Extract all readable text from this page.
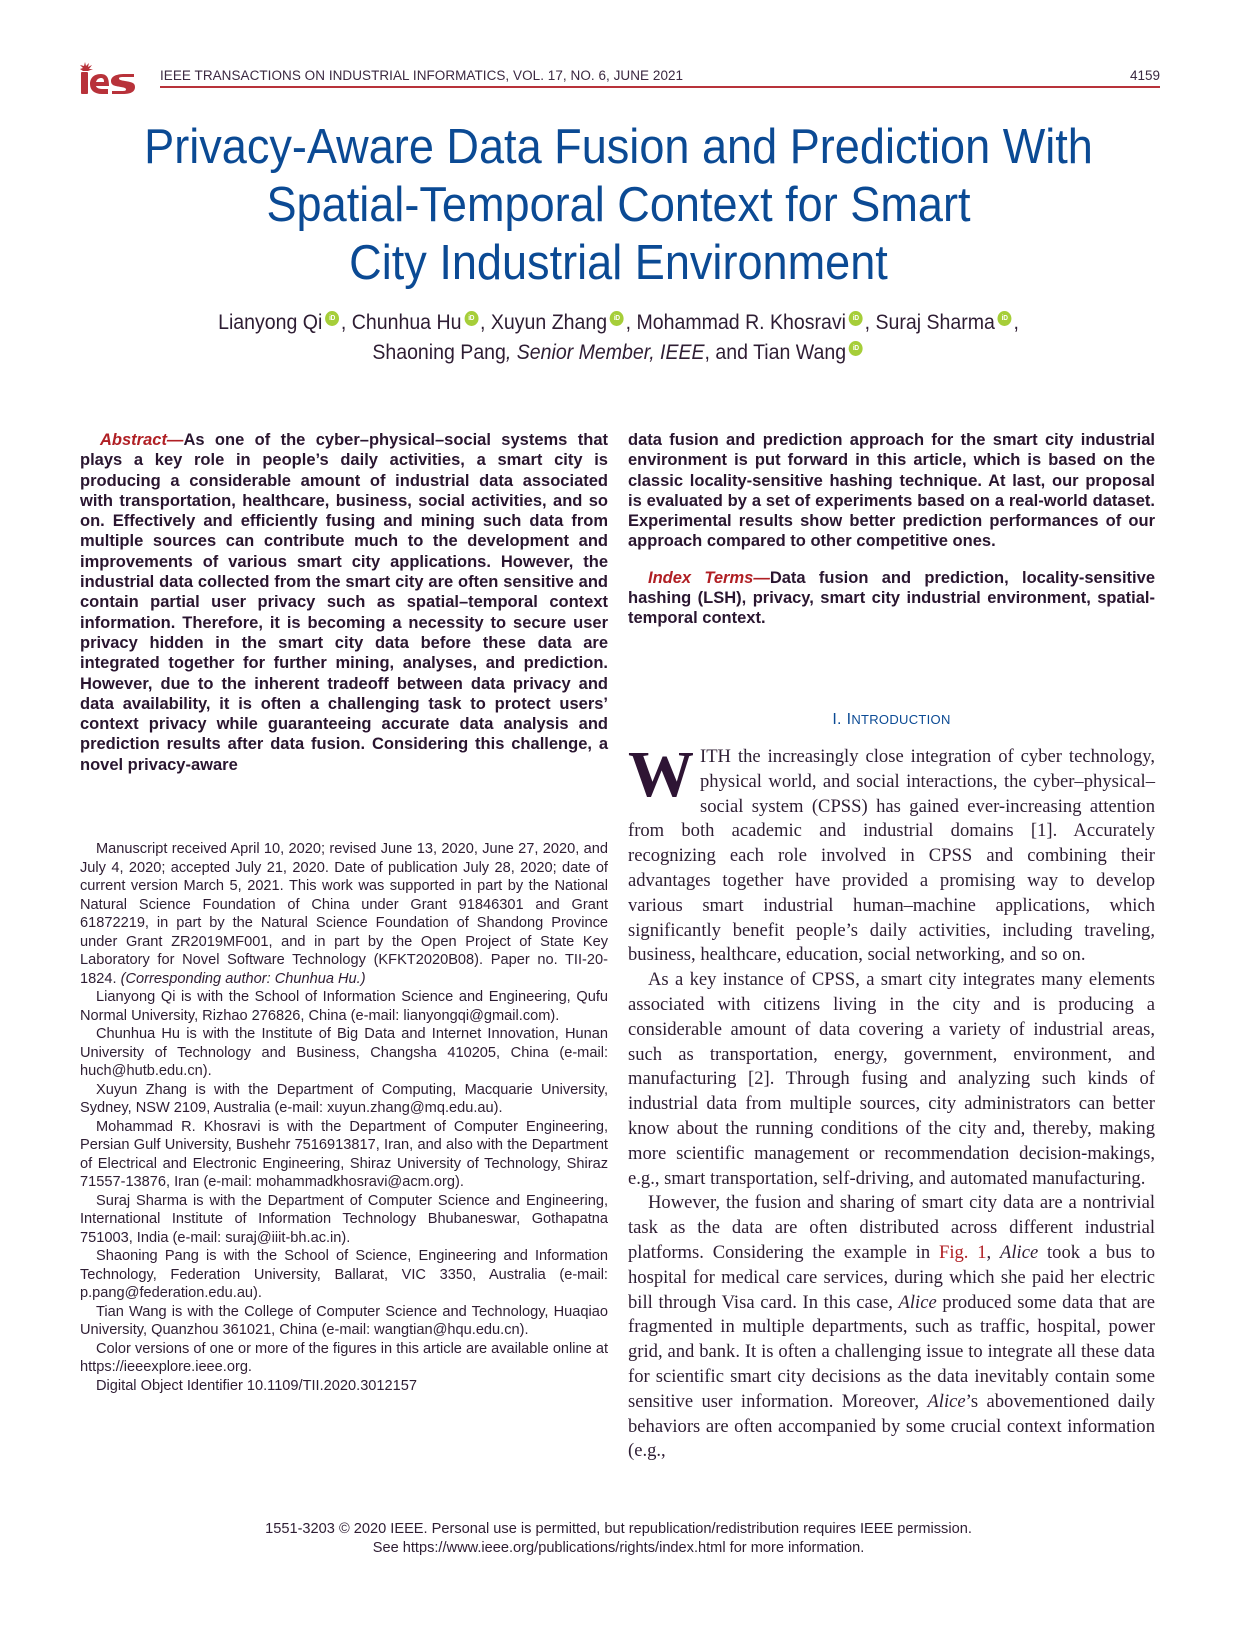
IEEE TRANSACTIONS ON INDUSTRIAL INFORMATICS, VOL. 17, NO. 6, JUNE 2021	4159
Privacy-Aware Data Fusion and Prediction With
Spatial-Temporal Context for Smart
City Industrial Environment
Lianyong Qi iD , Chunhua Hu iD , Xuyun Zhang iD , Mohammad R. Khosravi iD , Suraj Sharma iD ,
Shaoning Pang, Senior Member, IEEE, and Tian Wang iD
Abstract—As one of the cyber–physical–social systems that plays a key role in people’s daily activities, a smart city is producing a considerable amount of industrial data associated with transportation, healthcare, business, social activities, and so on. Effectively and efficiently fusing and mining such data from multiple sources can contribute much to the development and improvements of various smart city applications. However, the industrial data collected from the smart city are often sensitive and contain partial user privacy such as spatial–temporal context information. Therefore, it is becoming a necessity to secure user privacy hidden in the smart city data before these data are integrated together for further mining, analyses, and prediction. However, due to the inherent tradeoff between data privacy and data availability, it is often a challenging task to protect users’ context privacy while guaranteeing accurate data analysis and prediction results after data fusion. Considering this challenge, a novel privacy-aware
data fusion and prediction approach for the smart city industrial environment is put forward in this article, which is based on the classic locality-sensitive hashing technique. At last, our proposal is evaluated by a set of experiments based on a real-world dataset. Experimental results show better prediction performances of our approach compared to other competitive ones.
Index Terms—Data fusion and prediction, locality-sensitive hashing (LSH), privacy, smart city industrial environment, spatial-temporal context.

Manuscript received April 10, 2020; revised June 13, 2020, June 27, 2020, and July 4, 2020; accepted July 21, 2020. Date of publication July 28, 2020; date of current version March 5, 2021. This work was supported in part by the National Natural Science Foundation of China under Grant 91846301 and Grant 61872219, in part by the Natural Science Foundation of Shandong Province under Grant ZR2019MF001, and in part by the Open Project of State Key Laboratory for Novel Software Technology (KFKT2020B08). Paper no. TII-20-1824. (Corresponding author: Chunhua Hu.)

Lianyong Qi is with the School of Information Science and Engineering, Qufu Normal University, Rizhao 276826, China (e-mail: lianyongqi@gmail.com).

Chunhua Hu is with the Institute of Big Data and Internet Innovation, Hunan University of Technology and Business, Changsha 410205, China (e-mail: huch@hutb.edu.cn).

Xuyun Zhang is with the Department of Computing, Macquarie University, Sydney, NSW 2109, Australia (e-mail: xuyun.zhang@mq.edu.au).

Mohammad R. Khosravi is with the Department of Computer Engineering, Persian Gulf University, Bushehr 7516913817, Iran, and also with the Department of Electrical and Electronic Engineering, Shiraz University of Technology, Shiraz 71557-13876, Iran (e-mail: mohammadkhosravi@acm.org).

Suraj Sharma is with the Department of Computer Science and Engineering, International Institute of Information Technology Bhubaneswar, Gothapatna 751003, India (e-mail: suraj@iiit-bh.ac.in).

Shaoning Pang is with the School of Science, Engineering and Information Technology, Federation University, Ballarat, VIC 3350, Australia (e-mail: p.pang@federation.edu.au).

Tian Wang is with the College of Computer Science and Technology, Huaqiao University, Quanzhou 361021, China (e-mail: wangtian@hqu.edu.cn).

Color versions of one or more of the figures in this article are available online at https://ieeexplore.ieee.org.

Digital Object Identifier 10.1109/TII.2020.3012157

I. INTRODUCTION

WITH the increasingly close integration of cyber technology, physical world, and social interactions, the cyber–physical–social system (CPSS) has gained ever-increasing attention from both academic and industrial domains [1]. Accurately recognizing each role involved in CPSS and combining their advantages together have provided a promising way to develop various smart industrial human–machine applications, which significantly benefit people’s daily activities, including traveling, business, healthcare, education, social networking, and so on.

As a key instance of CPSS, a smart city integrates many elements associated with citizens living in the city and is producing a considerable amount of data covering a variety of industrial areas, such as transportation, energy, government, environment, and manufacturing [2]. Through fusing and analyzing such kinds of industrial data from multiple sources, city administrators can better know about the running conditions of the city and, thereby, making more scientific management or recommendation decision-makings, e.g., smart transportation, self-driving, and automated manufacturing.

However, the fusion and sharing of smart city data are a nontrivial task as the data are often distributed across different industrial platforms. Considering the example in Fig. 1, Alice took a bus to hospital for medical care services, during which she paid her electric bill through Visa card. In this case, Alice produced some data that are fragmented in multiple departments, such as traffic, hospital, power grid, and bank. It is often a challenging issue to integrate all these data for scientific smart city decisions as the data inevitably contain some sensitive user information. Moreover, Alice’s abovementioned daily behaviors are often accompanied by some crucial context information (e.g.,

1551-3203 © 2020 IEEE. Personal use is permitted, but republication/redistribution requires IEEE permission.
See https://www.ieee.org/publications/rights/index.html for more information.
